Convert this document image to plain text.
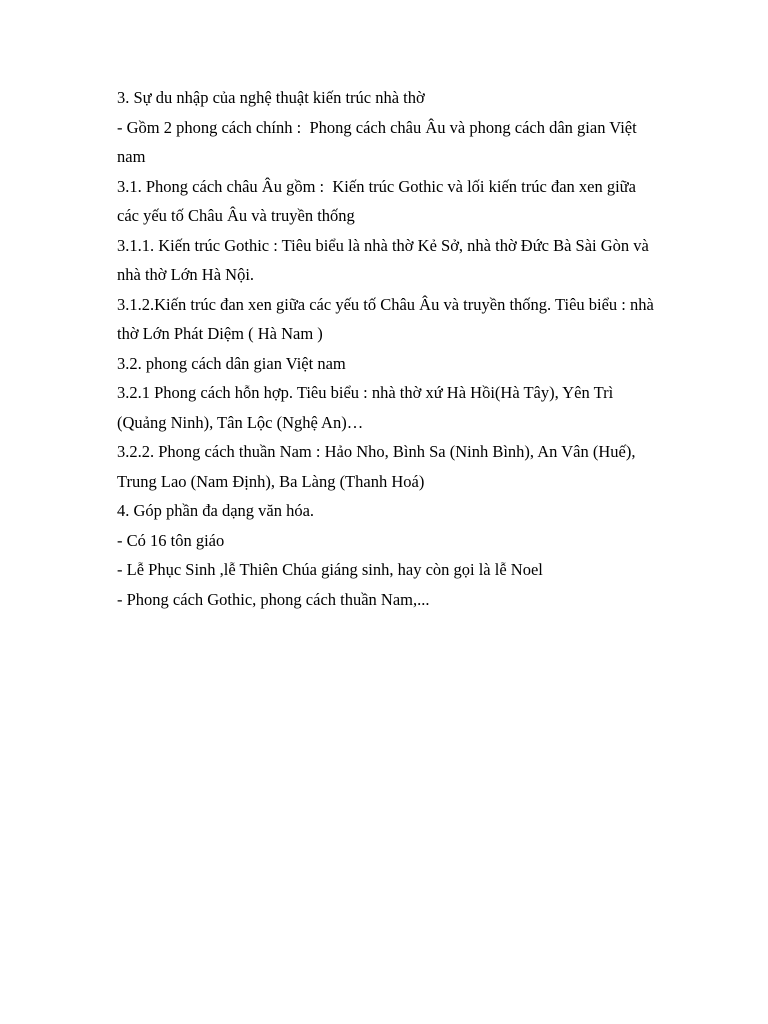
3. Sự du nhập của nghệ thuật kiến trúc nhà thờ

- Gồm 2 phong cách chính :  Phong cách châu Âu và phong cách dân gian Việt nam

3.1. Phong cách châu Âu gồm :  Kiến trúc Gothic và lối kiến trúc đan xen giữa các yếu tố Châu Âu và truyền thống

3.1.1. Kiến trúc Gothic : Tiêu biểu là nhà thờ Kẻ Sở, nhà thờ Đức Bà Sài Gòn và  nhà thờ Lớn Hà Nội.

3.1.2.Kiến trúc đan xen giữa các yếu tố Châu Âu và truyền thống. Tiêu biểu : nhà thờ Lớn Phát Diệm ( Hà Nam )

3.2. phong cách dân gian Việt nam

3.2.1 Phong cách hỗn hợp. Tiêu biểu : nhà thờ xứ Hà Hồi(Hà Tây), Yên Trì (Quảng Ninh), Tân Lộc (Nghệ An)…

3.2.2. Phong cách thuần Nam : Hảo Nho, Bình Sa (Ninh Bình), An Vân (Huế), Trung Lao (Nam Định), Ba Làng (Thanh Hoá)

4. Góp phần đa dạng văn hóa.

- Có 16 tôn giáo

- Lễ Phục Sinh ,lễ Thiên Chúa giáng sinh, hay còn gọi là lễ Noel

- Phong cách Gothic, phong cách thuần Nam,...
